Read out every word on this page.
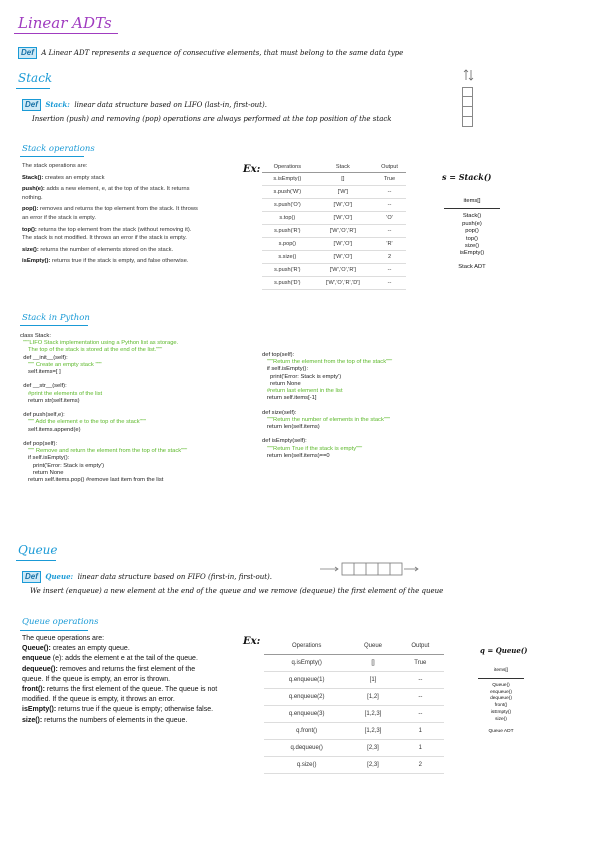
Linear ADTs
Def A Linear ADT represents a sequence of consecutive elements, that must belong to the same data type
Stack
Def Stack: linear data structure based on LIFO (last-in, first-out).
Insertion (push) and removing (pop) operations are always performed at the top position of the stack
Stack operations
The stack operations are:
Stack(): creates an empty stack
push(e): adds a new element, e, at the top of the stack. It returns nothing.
pop(): removes and returns the top element from the stack. It throws an error if the stack is empty.
top(): returns the top element from the stack (without removing it). The stack is not modified. It throws an error if the stack is empty.
size(): returns the number of elements stored on the stack.
isEmpty(): returns true if the stack is empty, and false otherwise.
Ex: Operations	Stack	Output
s.isEmpty()	[]	True
s.push('W')	['W']	--
s.push('O')	['W','O']	--
s.top()	['W','O']	'O'
s.push('R')	['W','O','R']	--
s.pop()	['W','O']	'R'
s.size()	['W','O']	2
s.push('R')	['W','O','R']	--
s.push('D')	['W','O','R','D']	--
s = Stack()
items[]
Stack()
push(e)
pop()
top()
size()
isEmpty()
Stack ADT
Stack in Python
class Stack:
"""LIFO Stack implementation using a Python list as storage.
The top of the stack is stored at the end of the list."""
def __init__(self):
""" Create an empty stack """
self.items=[ ]
def __str__(self):
#print the elements of the list
return str(self.items)
def push(self,e):
""" Add the element e to the top of the stack"""
self.items.append(e)
def pop(self):
""" Remove and return the element from the top of the stack"""
if self.isEmpty():
print('Error: Stack is empty')
return None
return self.items.pop() #remove last item from the list
def top(self):
"""Return the element from the top of the stack"""
if self.isEmpty():
print('Error: Stack is empty')
return None
#return last element in the list
return self.items[-1]
def size(self):
"""Return the number of elements in the stack"""
return len(self.items)
def isEmpty(self):
"""Return True if the stack is empty"""
return len(self.items)==0
Queue
Def Queue: linear data structure based on FIFO (first-in, first-out).
We insert (enqueue) a new element at the end of the queue and we remove (dequeue) the first element of the queue
Queue operations
The queue operations are:
Queue(): creates an empty queue.
enqueue (e): adds the element e at the tail of the queue.
dequeue(): removes and returns the first element of the queue. If the queue is empty, an error is thrown.
front(): returns the first element of the queue. The queue is not modified. If the queue is empty, it throws an error.
isEmpty(): returns true if the queue is empty; otherwise false.
size(): returns the numbers of elements in the queue.
Ex:	Operations	Queue	Output
q.isEmpty()	[]	True
q.enqueue(1)	[1]	--
q.enqueue(2)	[1,2]	--
q.enqueue(3)	[1,2,3]	--
q.front()	[1,2,3]	1
q.dequeue()	[2,3]	1
q.size()	[2,3]	2
q = Queue()
items[]
Queue()
enqueue()
dequeue()
front()
isEmpty()
size()
Queue ADT
